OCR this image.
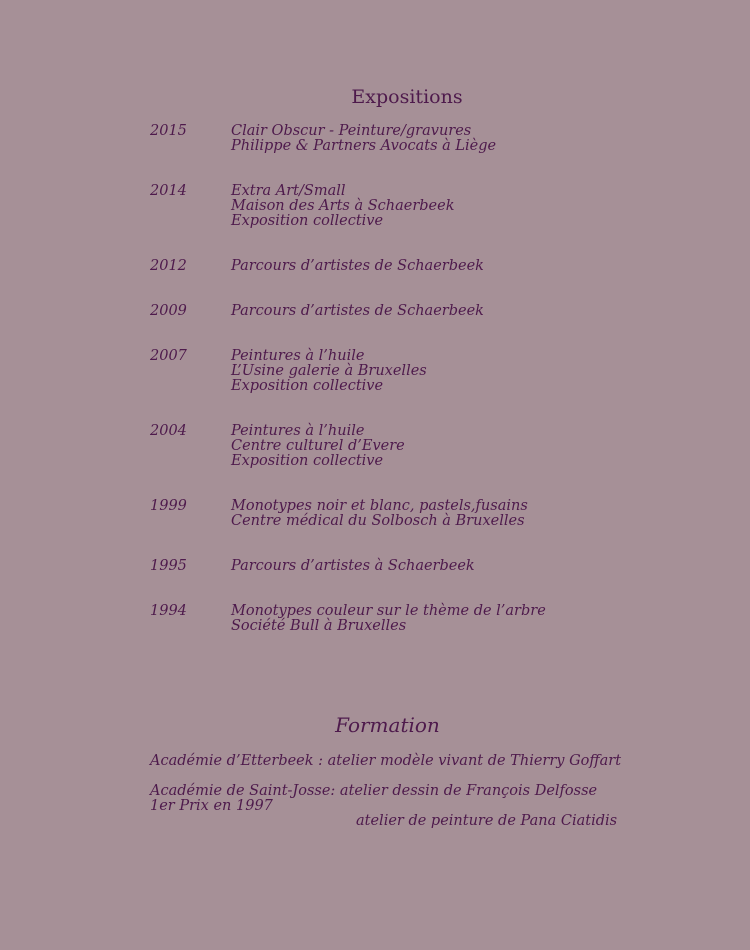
Expositions
2015	Clair Obscur - Peinture/gravures
Philippe & Partners Avocats à Liège
2014	Extra Art/Small
Maison des Arts à Schaerbeek
Exposition collective
2012	Parcours d’artistes de Schaerbeek
2009	Parcours d’artistes de Schaerbeek
2007	Peintures à l’huile
L’Usine galerie à Bruxelles
Exposition collective
2004	Peintures à l’huile
Centre culturel d’Evere
Exposition collective
1999	Monotypes noir et blanc, pastels,fusains
Centre médical du Solbosch à Bruxelles
1995	Parcours d’artistes à Schaerbeek
1994	Monotypes couleur sur le thème de l’arbre
Société Bull à Bruxelles
Formation
Académie d’Etterbeek : atelier modèle vivant de Thierry Goffart
Académie de Saint-Josse: atelier dessin de François Delfosse
1er Prix en 1997
atelier de peinture de Pana Ciatidis
